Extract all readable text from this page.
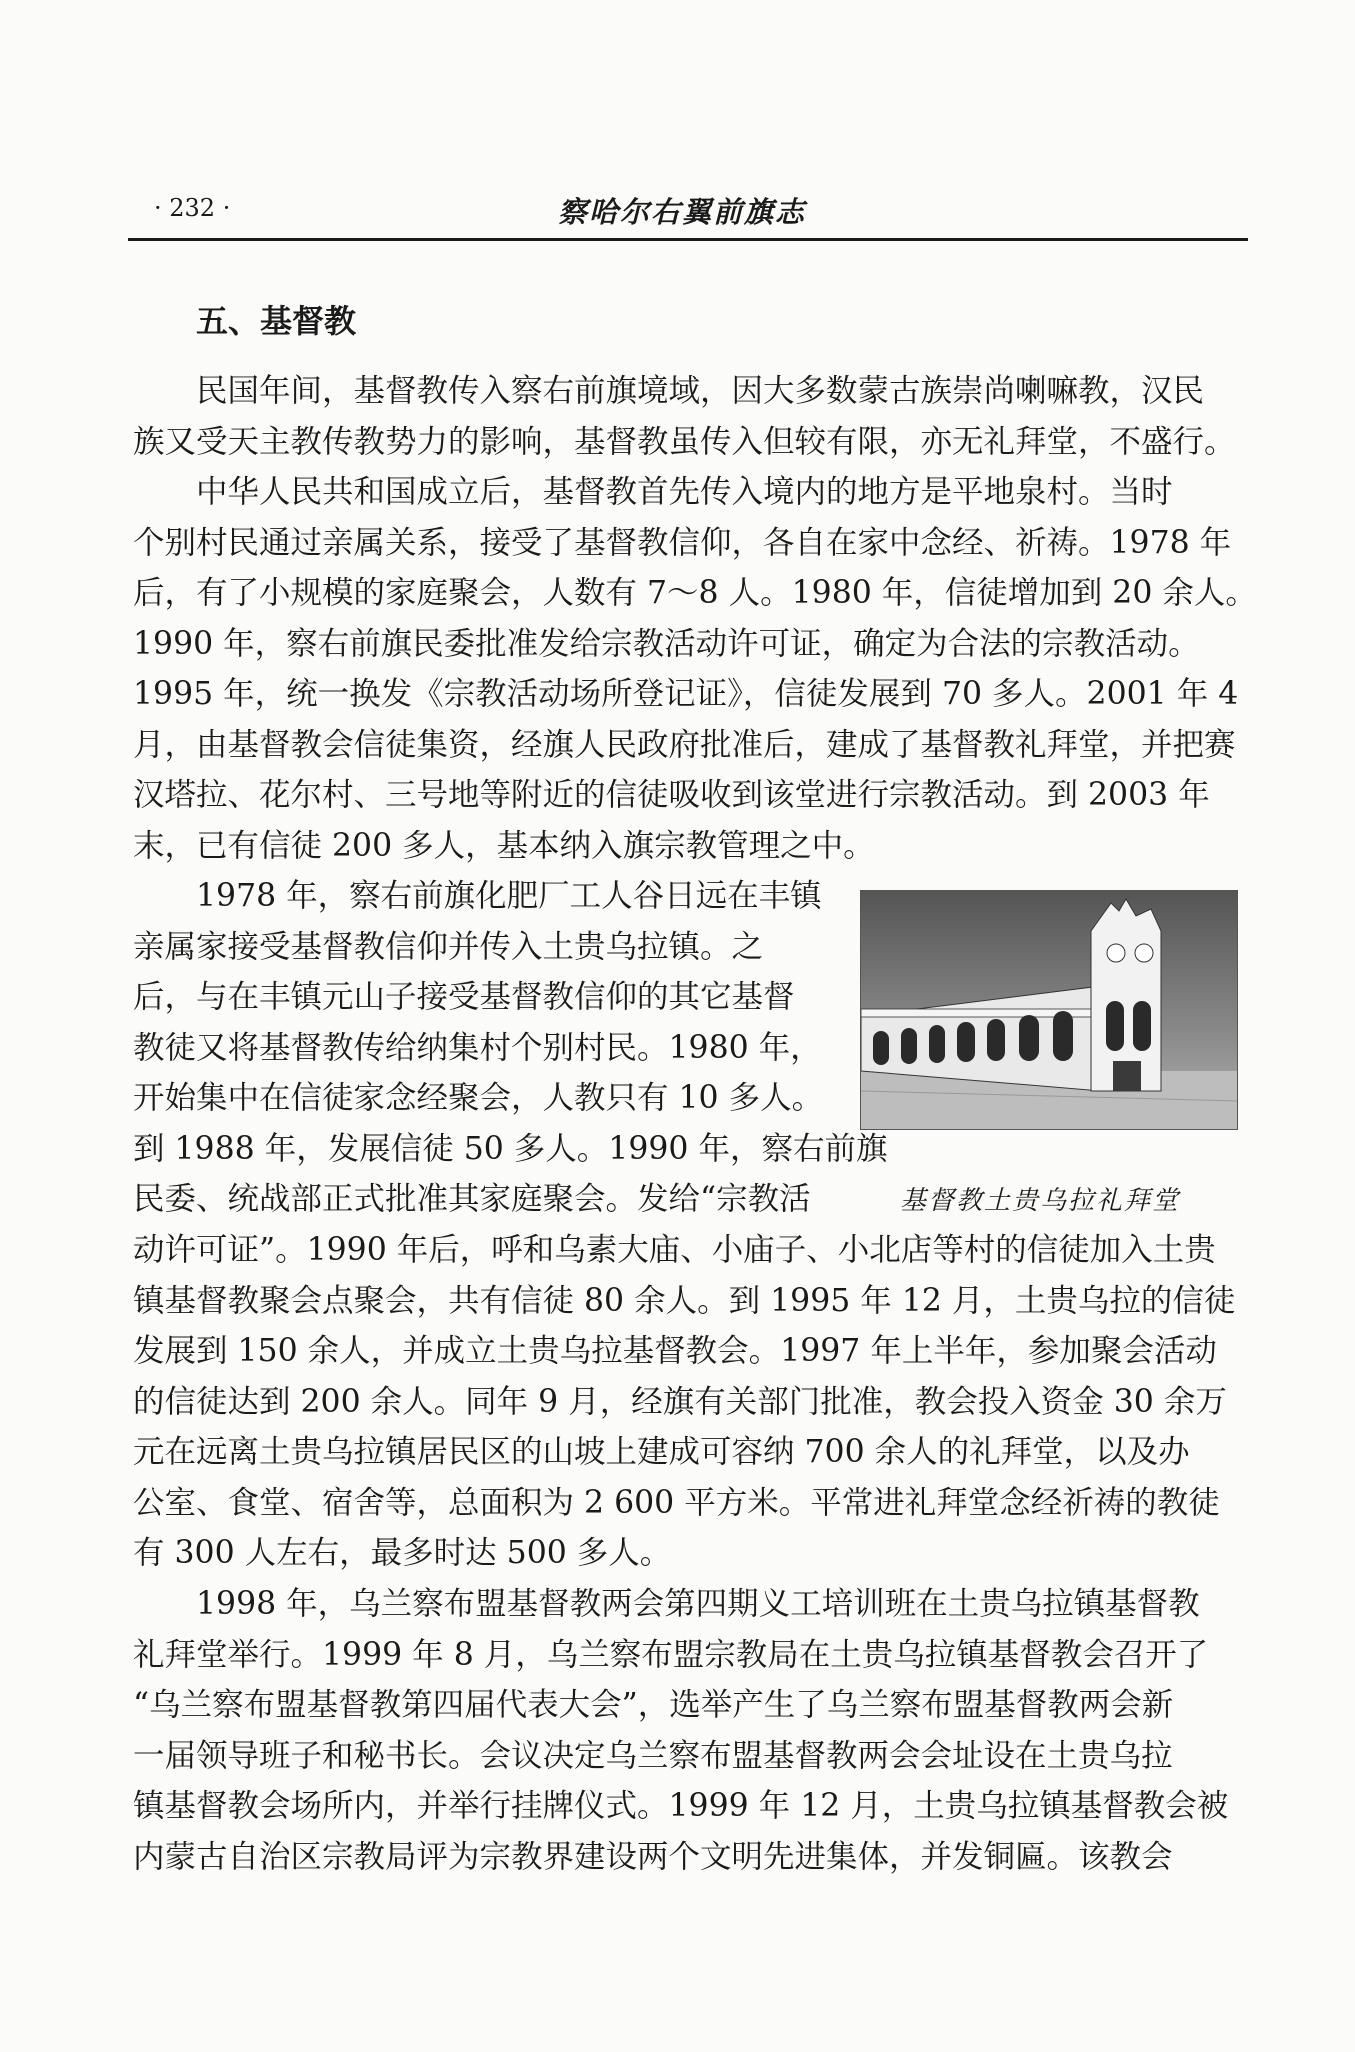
· 232 ·	察哈尔右翼前旗志
五、基督教

　　民国年间，基督教传入察右前旗境域，因大多数蒙古族崇尚喇嘛教，汉民
族又受天主教传教势力的影响，基督教虽传入但较有限，亦无礼拜堂，不盛行。

　　中华人民共和国成立后，基督教首先传入境内的地方是平地泉村。当时
个别村民通过亲属关系，接受了基督教信仰，各自在家中念经、祈祷。1978 年
后，有了小规模的家庭聚会，人数有 7～8 人。1980 年，信徒增加到 20 余人。
1990 年，察右前旗民委批准发给宗教活动许可证，确定为合法的宗教活动。
1995 年，统一换发《宗教活动场所登记证》，信徒发展到 70 多人。2001 年 4
月，由基督教会信徒集资，经旗人民政府批准后，建成了基督教礼拜堂，并把赛
汉塔拉、花尔村、三号地等附近的信徒吸收到该堂进行宗教活动。到 2003 年
末，已有信徒 200 多人，基本纳入旗宗教管理之中。

　　1978 年，察右前旗化肥厂工人谷日远在丰镇
亲属家接受基督教信仰并传入土贵乌拉镇。之
后，与在丰镇元山子接受基督教信仰的其它基督
教徒又将基督教传给纳集村个别村民。1980 年，
开始集中在信徒家念经聚会，人教只有 10 多人。
到 1988 年，发展信徒 50 多人。1990 年，察右前旗
民委、统战部正式批准其家庭聚会。发给“宗教活

动许可证”。1990 年后，呼和乌素大庙、小庙子、小北店等村的信徒加入土贵
镇基督教聚会点聚会，共有信徒 80 余人。到 1995 年 12 月，土贵乌拉的信徒
发展到 150 余人，并成立土贵乌拉基督教会。1997 年上半年，参加聚会活动
的信徒达到 200 余人。同年 9 月，经旗有关部门批准，教会投入资金 30 余万
元在远离土贵乌拉镇居民区的山坡上建成可容纳 700 余人的礼拜堂，以及办
公室、食堂、宿舍等，总面积为 2 600 平方米。平常进礼拜堂念经祈祷的教徒
有 300 人左右，最多时达 500 多人。

　　1998 年，乌兰察布盟基督教两会第四期义工培训班在土贵乌拉镇基督教
礼拜堂举行。1999 年 8 月，乌兰察布盟宗教局在土贵乌拉镇基督教会召开了
“乌兰察布盟基督教第四届代表大会”，选举产生了乌兰察布盟基督教两会新
一届领导班子和秘书长。会议决定乌兰察布盟基督教两会会址设在土贵乌拉
镇基督教会场所内，并举行挂牌仪式。1999 年 12 月，土贵乌拉镇基督教会被
内蒙古自治区宗教局评为宗教界建设两个文明先进集体，并发铜匾。该教会

基督教土贵乌拉礼拜堂
